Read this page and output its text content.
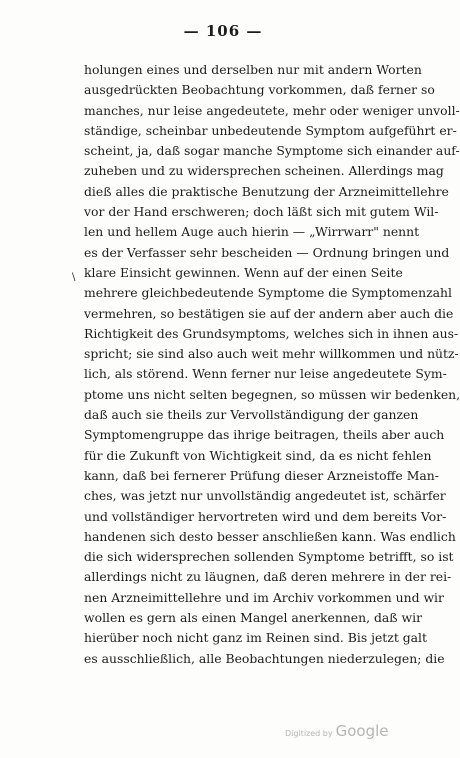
— 106 —
\
holungen eines und derselben nur mit andern Worten
ausgedrückten Beobachtung vorkommen, daß ferner so
manches, nur leise angedeutete, mehr oder weniger unvoll-
ständige, scheinbar unbedeutende Symptom aufgeführt er-
scheint, ja, daß sogar manche Symptome sich einander auf-
zuheben und zu widersprechen scheinen. Allerdings mag
dieß alles die praktische Benutzung der Arzneimittellehre
vor der Hand erschweren; doch läßt sich mit gutem Wil-
len und hellem Auge auch hierin — „Wirrwarr" nennt
es der Verfasser sehr bescheiden — Ordnung bringen und
klare Einsicht gewinnen. Wenn auf der einen Seite
mehrere gleichbedeutende Symptome die Symptomenzahl
vermehren, so bestätigen sie auf der andern aber auch die
Richtigkeit des Grundsymptoms, welches sich in ihnen aus-
spricht; sie sind also auch weit mehr willkommen und nütz-
lich, als störend. Wenn ferner nur leise angedeutete Sym-
ptome uns nicht selten begegnen, so müssen wir bedenken,
daß auch sie theils zur Vervollständigung der ganzen
Symptomengruppe das ihrige beitragen, theils aber auch
für die Zukunft von Wichtigkeit sind, da es nicht fehlen
kann, daß bei fernerer Prüfung dieser Arzneistoffe Man-
ches, was jetzt nur unvollständig angedeutet ist, schärfer
und vollständiger hervortreten wird und dem bereits Vor-
handenen sich desto besser anschließen kann. Was endlich
die sich widersprechen sollenden Symptome betrifft, so ist
allerdings nicht zu läugnen, daß deren mehrere in der rei-
nen Arzneimittellehre und im Archiv vorkommen und wir
wollen es gern als einen Mangel anerkennen, daß wir
hierüber noch nicht ganz im Reinen sind. Bis jetzt galt
es ausschließlich, alle Beobachtungen niederzulegen; die
Digitized by Google
